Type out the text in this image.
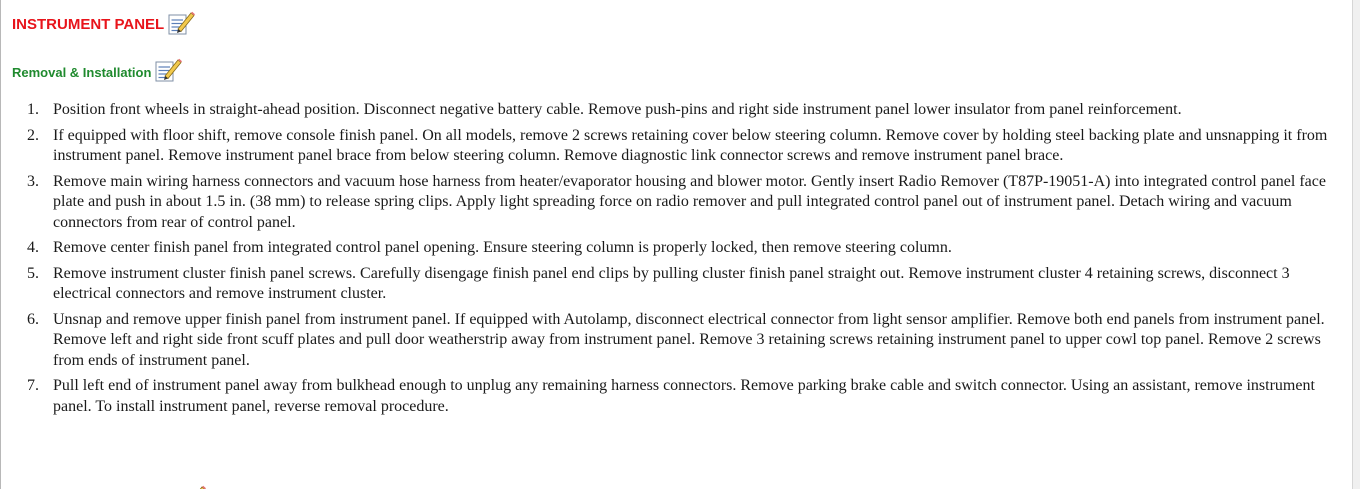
INSTRUMENT PANEL
Removal & Installation
1. Position front wheels in straight-ahead position. Disconnect negative battery cable. Remove push-pins and right side instrument panel lower insulator from panel reinforcement.
2. If equipped with floor shift, remove console finish panel. On all models, remove 2 screws retaining cover below steering column. Remove cover by holding steel backing plate and unsnapping it from instrument panel. Remove instrument panel brace from below steering column. Remove diagnostic link connector screws and remove instrument panel brace.
3. Remove main wiring harness connectors and vacuum hose harness from heater/evaporator housing and blower motor. Gently insert Radio Remover (T87P-19051-A) into integrated control panel face plate and push in about 1.5 in. (38 mm) to release spring clips. Apply light spreading force on radio remover and pull integrated control panel out of instrument panel. Detach wiring and vacuum connectors from rear of control panel.
4. Remove center finish panel from integrated control panel opening. Ensure steering column is properly locked, then remove steering column.
5. Remove instrument cluster finish panel screws. Carefully disengage finish panel end clips by pulling cluster finish panel straight out. Remove instrument cluster 4 retaining screws, disconnect 3 electrical connectors and remove instrument cluster.
6. Unsnap and remove upper finish panel from instrument panel. If equipped with Autolamp, disconnect electrical connector from light sensor amplifier. Remove both end panels from instrument panel. Remove left and right side front scuff plates and pull door weatherstrip away from instrument panel. Remove 3 retaining screws retaining instrument panel to upper cowl top panel. Remove 2 screws from ends of instrument panel.
7. Pull left end of instrument panel away from bulkhead enough to unplug any remaining harness connectors. Remove parking brake cable and switch connector. Using an assistant, remove instrument panel. To install instrument panel, reverse removal procedure.
